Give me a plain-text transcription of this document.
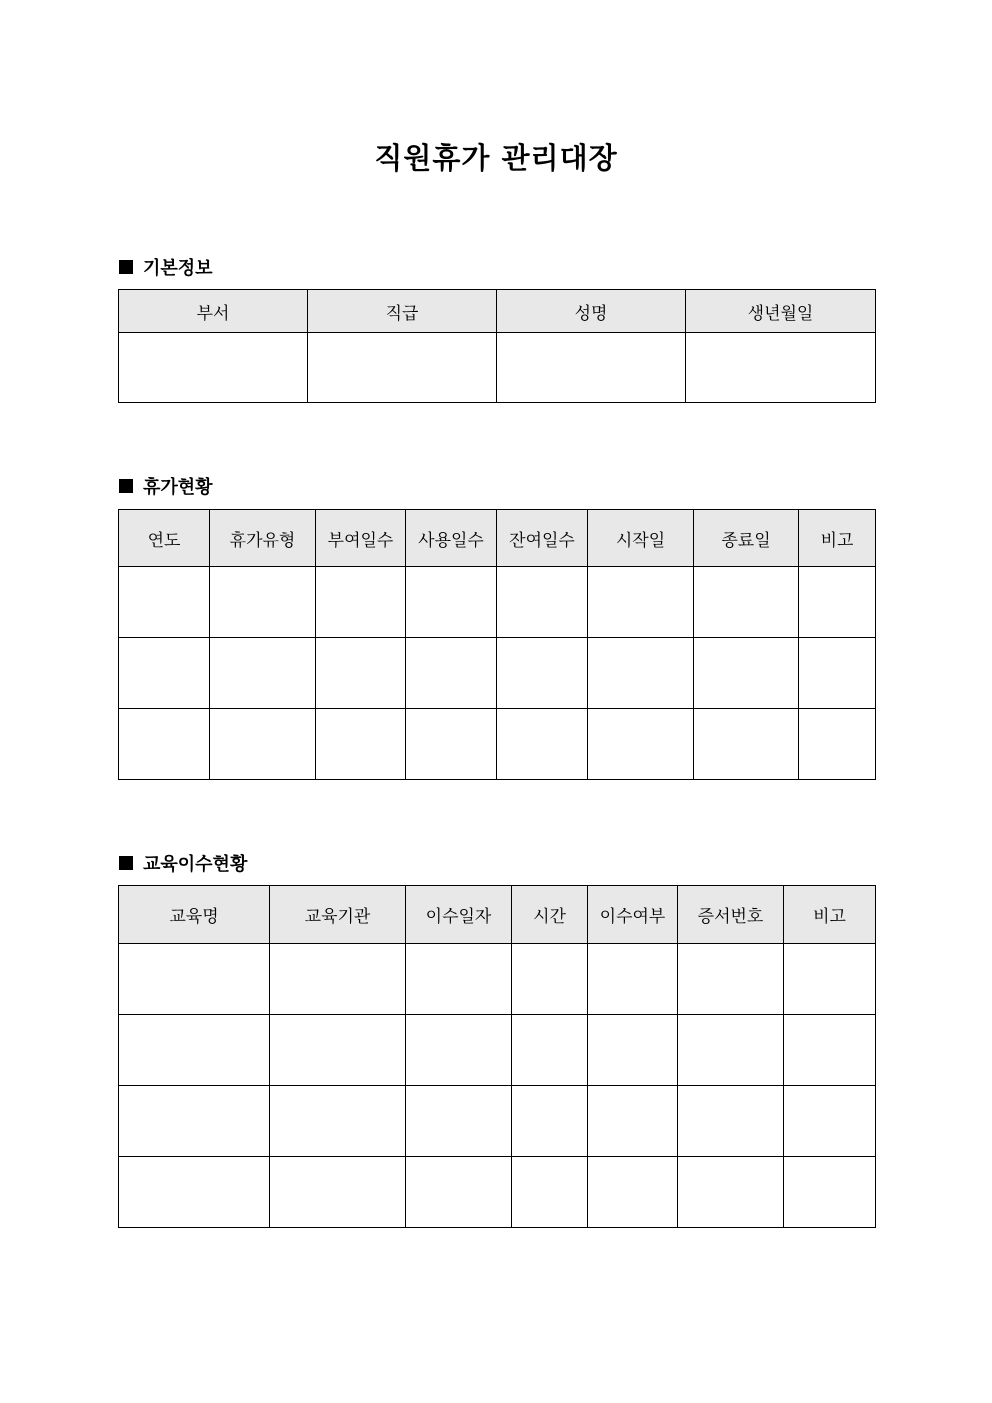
직원휴가 관리대장
기본정보
부서	직급	성명	생년월일

휴가현황
연도	휴가유형	부여일수	사용일수	잔여일수	시작일	종료일	비고

교육이수현황
교육명	교육기관	이수일자	시간	이수여부	증서번호	비고
